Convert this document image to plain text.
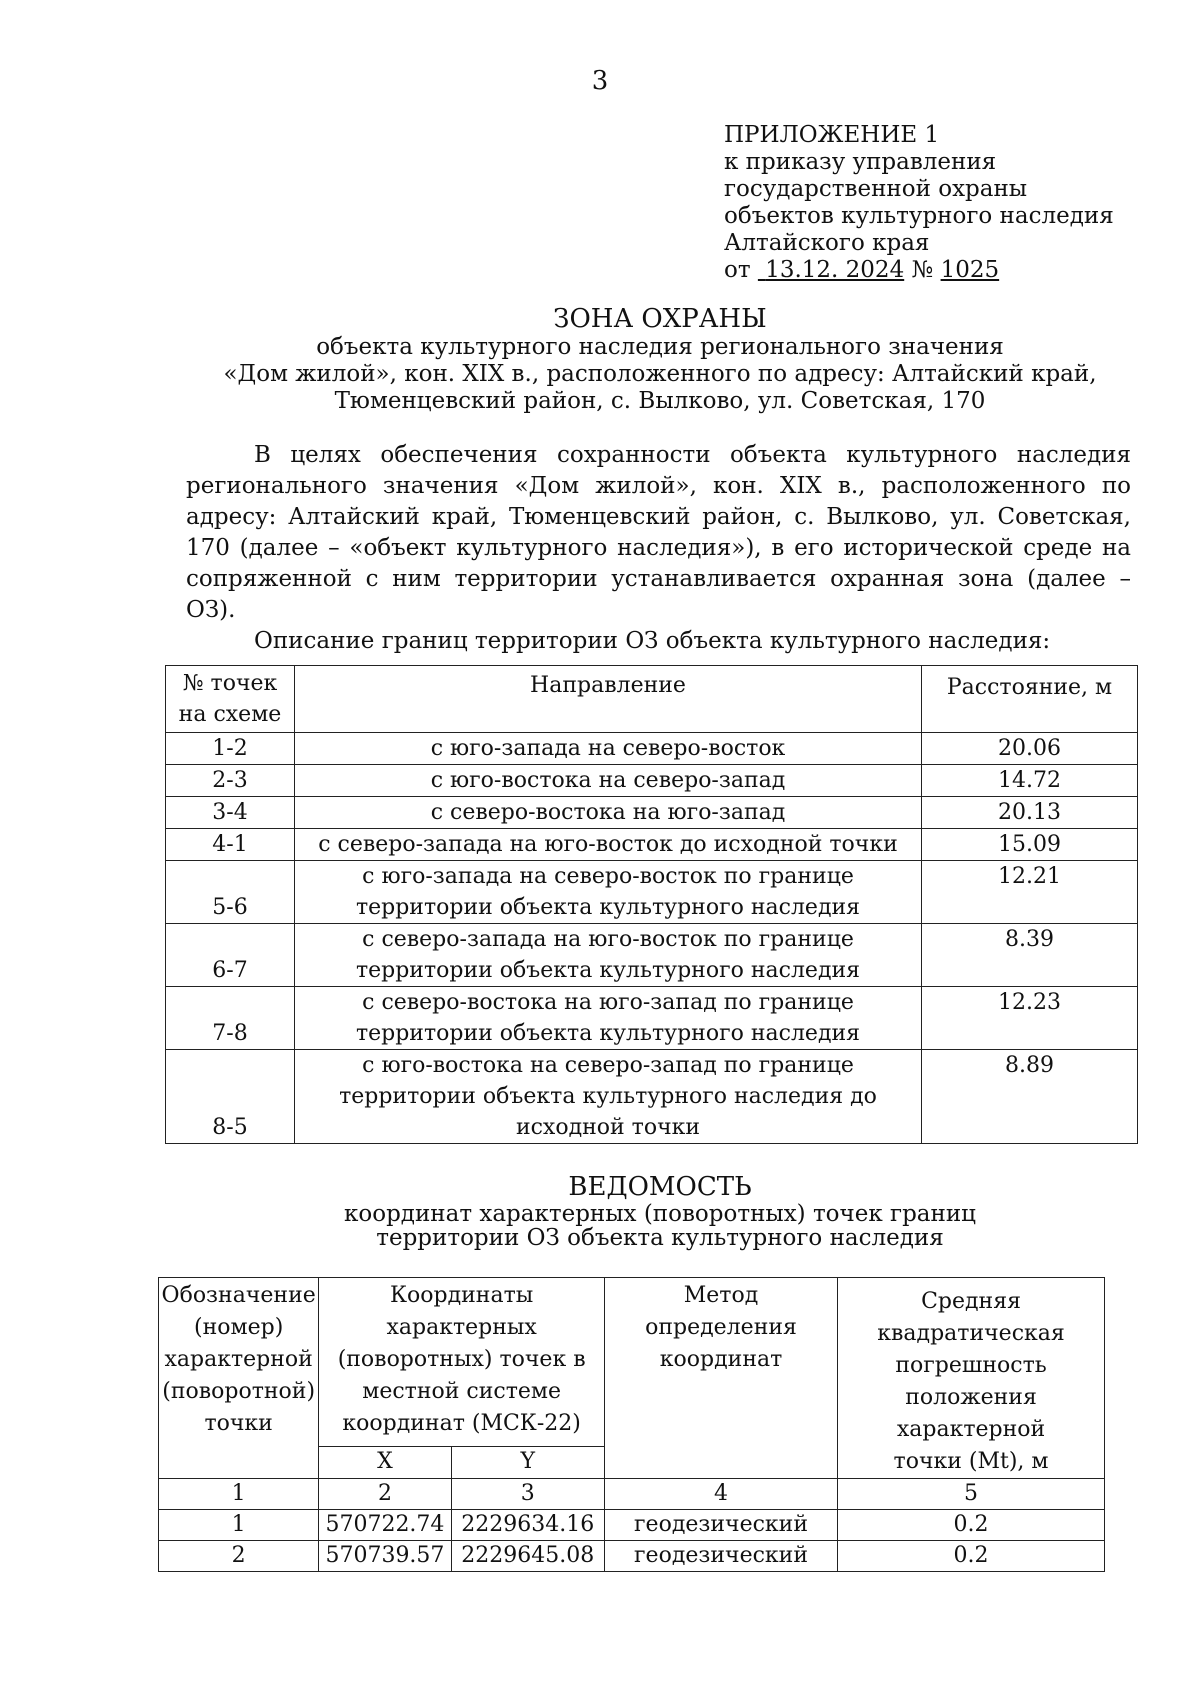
3
ПРИЛОЖЕНИЕ 1
к приказу управления
государственной охраны
объектов культурного наследия
Алтайского края
от 13.12. 2024 № 1025
ЗОНА ОХРАНЫ
объекта культурного наследия регионального значения
«Дом жилой», кон. XIX в., расположенного по адресу: Алтайский край,
Тюменцевский район, с. Вылково, ул. Советская, 170

В целях обеспечения сохранности объекта культурного наследия регионального значения «Дом жилой», кон. XIX в., расположенного по адресу: Алтайский край, Тюменцевский район, с. Вылково, ул. Советская, 170 (далее – «объект культурного наследия»), в его исторической среде на сопряженной с ним территории устанавливается охранная зона (далее – ОЗ).

Описание границ территории ОЗ объекта культурного наследия:

№ точек на схеме	Направление	Расстояние, м
1-2	с юго-запада на северо-восток	20.06
2-3	с юго-востока на северо-запад	14.72
3-4	с северо-востока на юго-запад	20.13
4-1	с северо-запада на юго-восток до исходной точки	15.09
5-6	с юго-запада на северо-восток по границе территории объекта культурного наследия	12.21
6-7	с северо-запада на юго-восток по границе территории объекта культурного наследия	8.39
7-8	с северо-востока на юго-запад по границе территории объекта культурного наследия	12.23
8-5	с юго-востока на северо-запад по границе территории объекта культурного наследия до исходной точки	8.89
ВЕДОМОСТЬ
координат характерных (поворотных) точек границ
территории ОЗ объекта культурного наследия
Обозначение (номер) характерной (поворотной) точки	Координаты характерных (поворотных) точек в местной системе координат (МСК-22)		Метод определения координат	Средняя квадратическая погрешность положения характерной точки (Mt), м
	X	Y		
1	2	3	4	5
1	570722.74	2229634.16	геодезический	0.2
2	570739.57	2229645.08	геодезический	0.2
